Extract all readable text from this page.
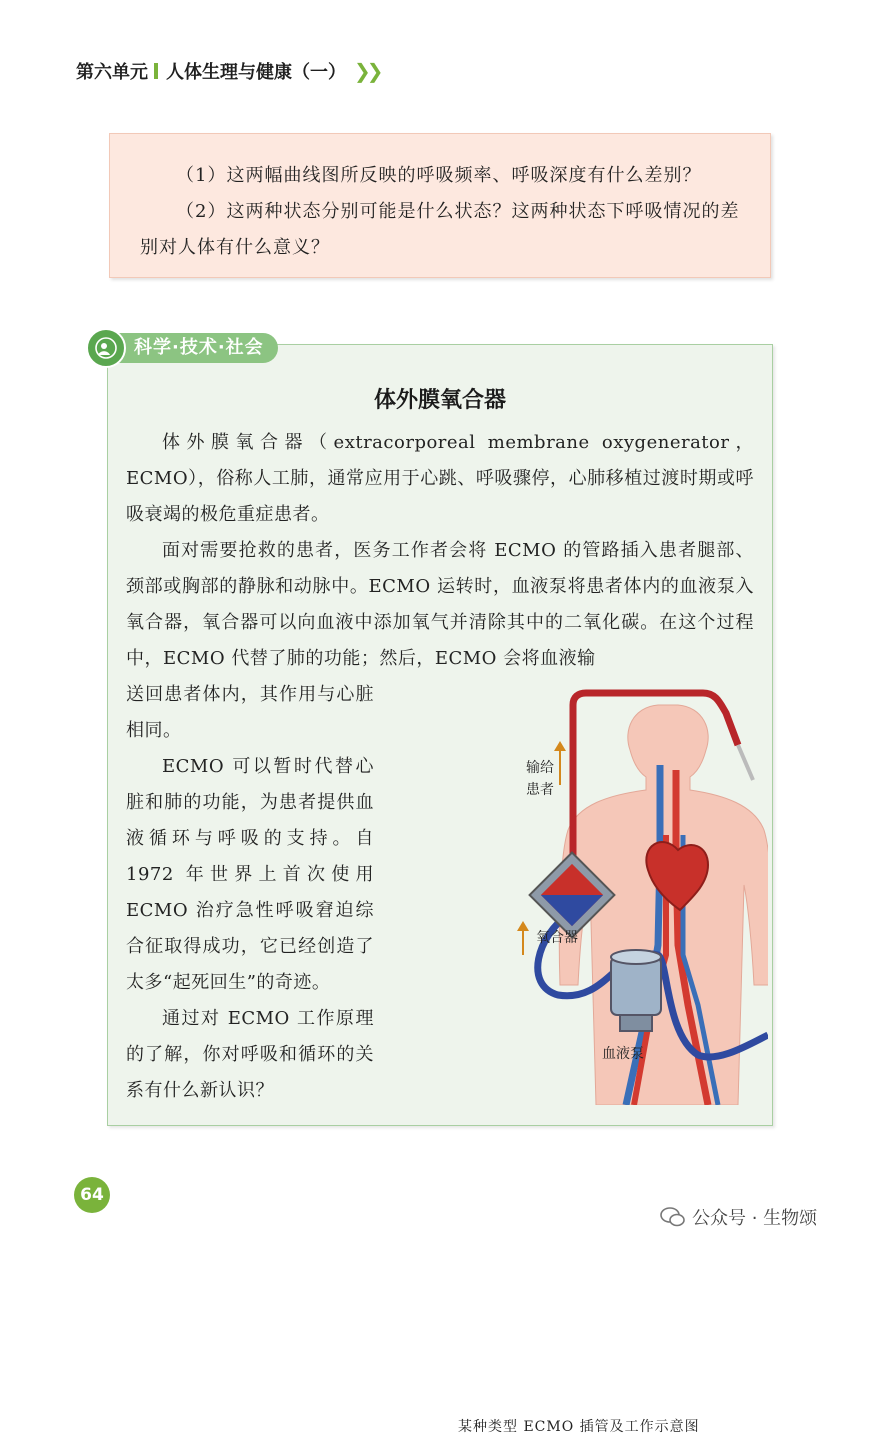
第六单元 人体生理与健康（一） ❯❯

（1）这两幅曲线图所反映的呼吸频率、呼吸深度有什么差别？

（2）这两种状态分别可能是什么状态？这两种状态下呼吸情况的差

别对人体有什么意义？

体外膜氧合器

体外膜氧合器（extracorporeal membrane oxygenerator，ECMO），俗称人工肺，通常应用于心跳、呼吸骤停，心肺移植过渡时期或呼吸衰竭的极危重症患者。

面对需要抢救的患者，医务工作者会将 ECMO 的管路插入患者腿部、颈部或胸部的静脉和动脉中。ECMO 运转时，血液泵将患者体内的血液泵入氧合器，氧合器可以向血液中添加氧气并清除其中的二氧化碳。在这个过程中，ECMO 代替了肺的功能；然后，ECMO 会将血液输

送回患者体内，其作用与心脏相同。

ECMO 可以暂时代替心脏和肺的功能，为患者提供血液循环与呼吸的支持。自 1972 年世界上首次使用 ECMO 治疗急性呼吸窘迫综合征取得成功，它已经创造了太多“起死回生”的奇迹。

通过对 ECMO 工作原理的了解，你对呼吸和循环的关系有什么新认识？

输给患者
氧合器
血液泵
某种类型 ECMO 插管及工作示意图
科学·技术·社会
64
公众号 · 生物颂
